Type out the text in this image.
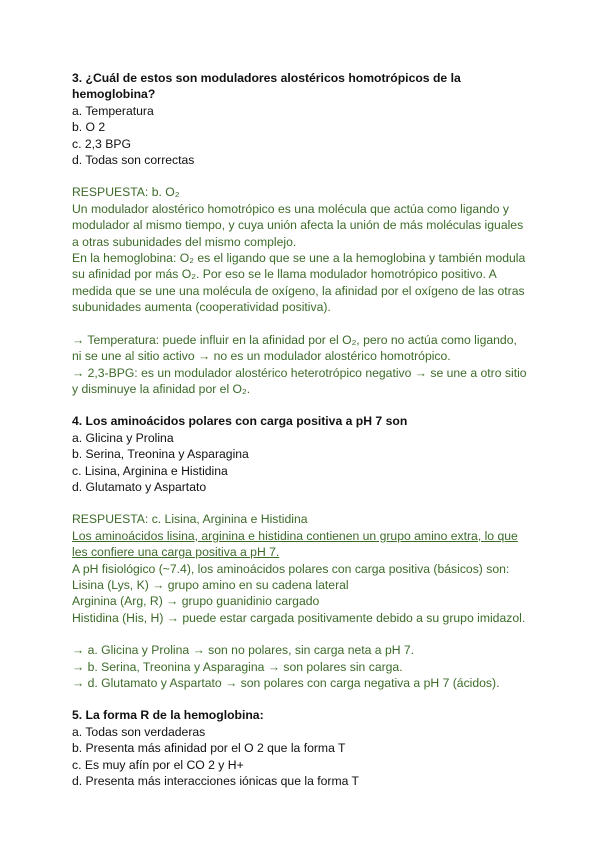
3. ¿Cuál de estos son moduladores alostéricos homotrópicos de la hemoglobina?

a. Temperatura

b. O 2

c. 2,3 BPG

d. Todas son correctas

RESPUESTA: b. O₂

Un modulador alostérico homotrópico es una molécula que actúa como ligando y modulador al mismo tiempo, y cuya unión afecta la unión de más moléculas iguales a otras subunidades del mismo complejo.

En la hemoglobina: O₂ es el ligando que se une a la hemoglobina y también modula su afinidad por más O₂. Por eso se le llama modulador homotrópico positivo. A medida que se une una molécula de oxígeno, la afinidad por el oxígeno de las otras subunidades aumenta (cooperatividad positiva).

→ Temperatura: puede influir en la afinidad por el O₂, pero no actúa como ligando, ni se une al sitio activo → no es un modulador alostérico homotrópico.

→ 2,3-BPG: es un modulador alostérico heterotrópico negativo → se une a otro sitio y disminuye la afinidad por el O₂.

4. Los aminoácidos polares con carga positiva a pH 7 son

a. Glicina y Prolina

b. Serina, Treonina y Asparagina

c. Lisina, Arginina e Histidina

d. Glutamato y Aspartato

RESPUESTA: c. Lisina, Arginina e Histidina

Los aminoácidos lisina, arginina e histidina contienen un grupo amino extra, lo que les confiere una carga positiva a pH 7.

A pH fisiológico (~7.4), los aminoácidos polares con carga positiva (básicos) son:

Lisina (Lys, K) → grupo amino en su cadena lateral

Arginina (Arg, R) → grupo guanidinio cargado

Histidina (His, H) → puede estar cargada positivamente debido a su grupo imidazol.

→ a. Glicina y Prolina → son no polares, sin carga neta a pH 7.

→ b. Serina, Treonina y Asparagina → son polares sin carga.

→ d. Glutamato y Aspartato → son polares con carga negativa a pH 7 (ácidos).

5. La forma R de la hemoglobina:

a. Todas son verdaderas

b. Presenta más afinidad por el O 2 que la forma T

c. Es muy afín por el CO 2 y H+

d. Presenta más interacciones iónicas que la forma T
